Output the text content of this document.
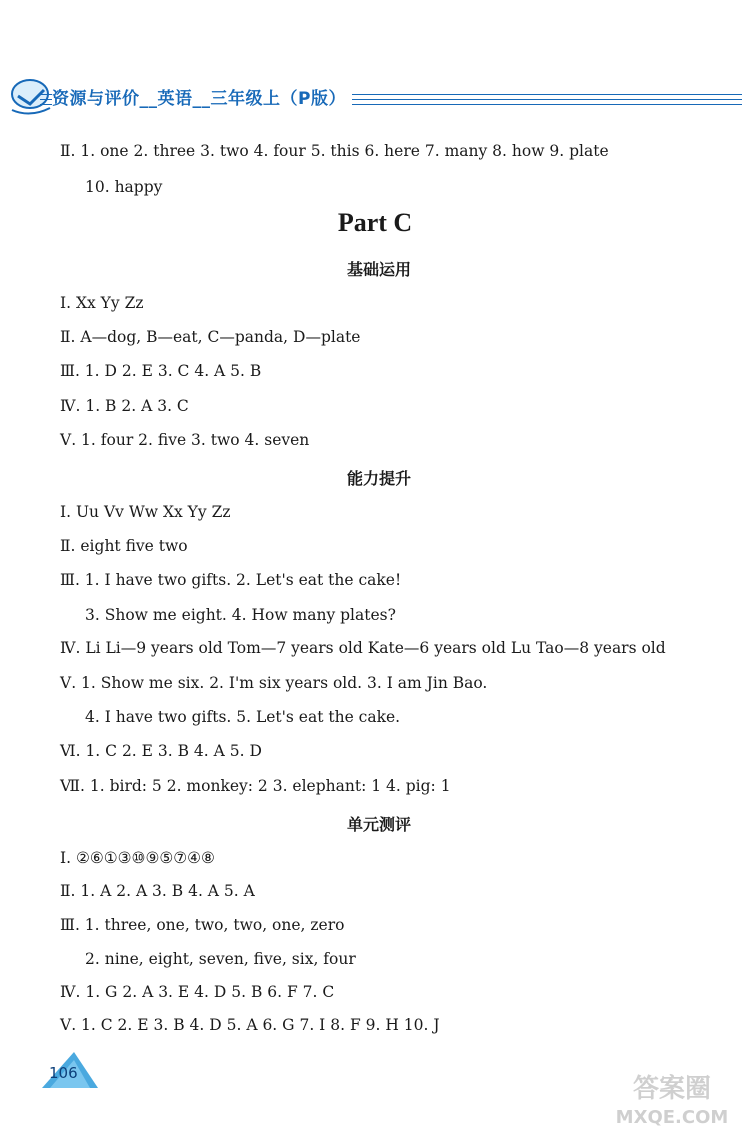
资源与评价__英语__三年级上（P版）
Ⅱ. 1. one 2. three 3. two 4. four 5. this 6. here 7. many 8. how 9. plate
10. happy
Part C
基础运用
Ⅰ. Xx Yy Zz
Ⅱ. A—dog, B—eat, C—panda, D—plate
Ⅲ. 1. D 2. E 3. C 4. A 5. B
Ⅳ. 1. B 2. A 3. C
Ⅴ. 1. four 2. five 3. two 4. seven
能力提升
Ⅰ. Uu Vv Ww Xx Yy Zz
Ⅱ. eight five two
Ⅲ. 1. I have two gifts. 2. Let's eat the cake!
3. Show me eight. 4. How many plates?
Ⅳ. Li Li—9 years old Tom—7 years old Kate—6 years old Lu Tao—8 years old
Ⅴ. 1. Show me six. 2. I'm six years old. 3. I am Jin Bao.
4. I have two gifts. 5. Let's eat the cake.
Ⅵ. 1. C 2. E 3. B 4. A 5. D
Ⅶ. 1. bird: 5 2. monkey: 2 3. elephant: 1 4. pig: 1
单元测评
Ⅰ. ②⑥①③⑩⑨⑤⑦④⑧
Ⅱ. 1. A 2. A 3. B 4. A 5. A
Ⅲ. 1. three, one, two, two, one, zero
2. nine, eight, seven, five, six, four
Ⅳ. 1. G 2. A 3. E 4. D 5. B 6. F 7. C
Ⅴ. 1. C 2. E 3. B 4. D 5. A 6. G 7. I 8. F 9. H 10. J
106
答案圈
MXQE.COM
